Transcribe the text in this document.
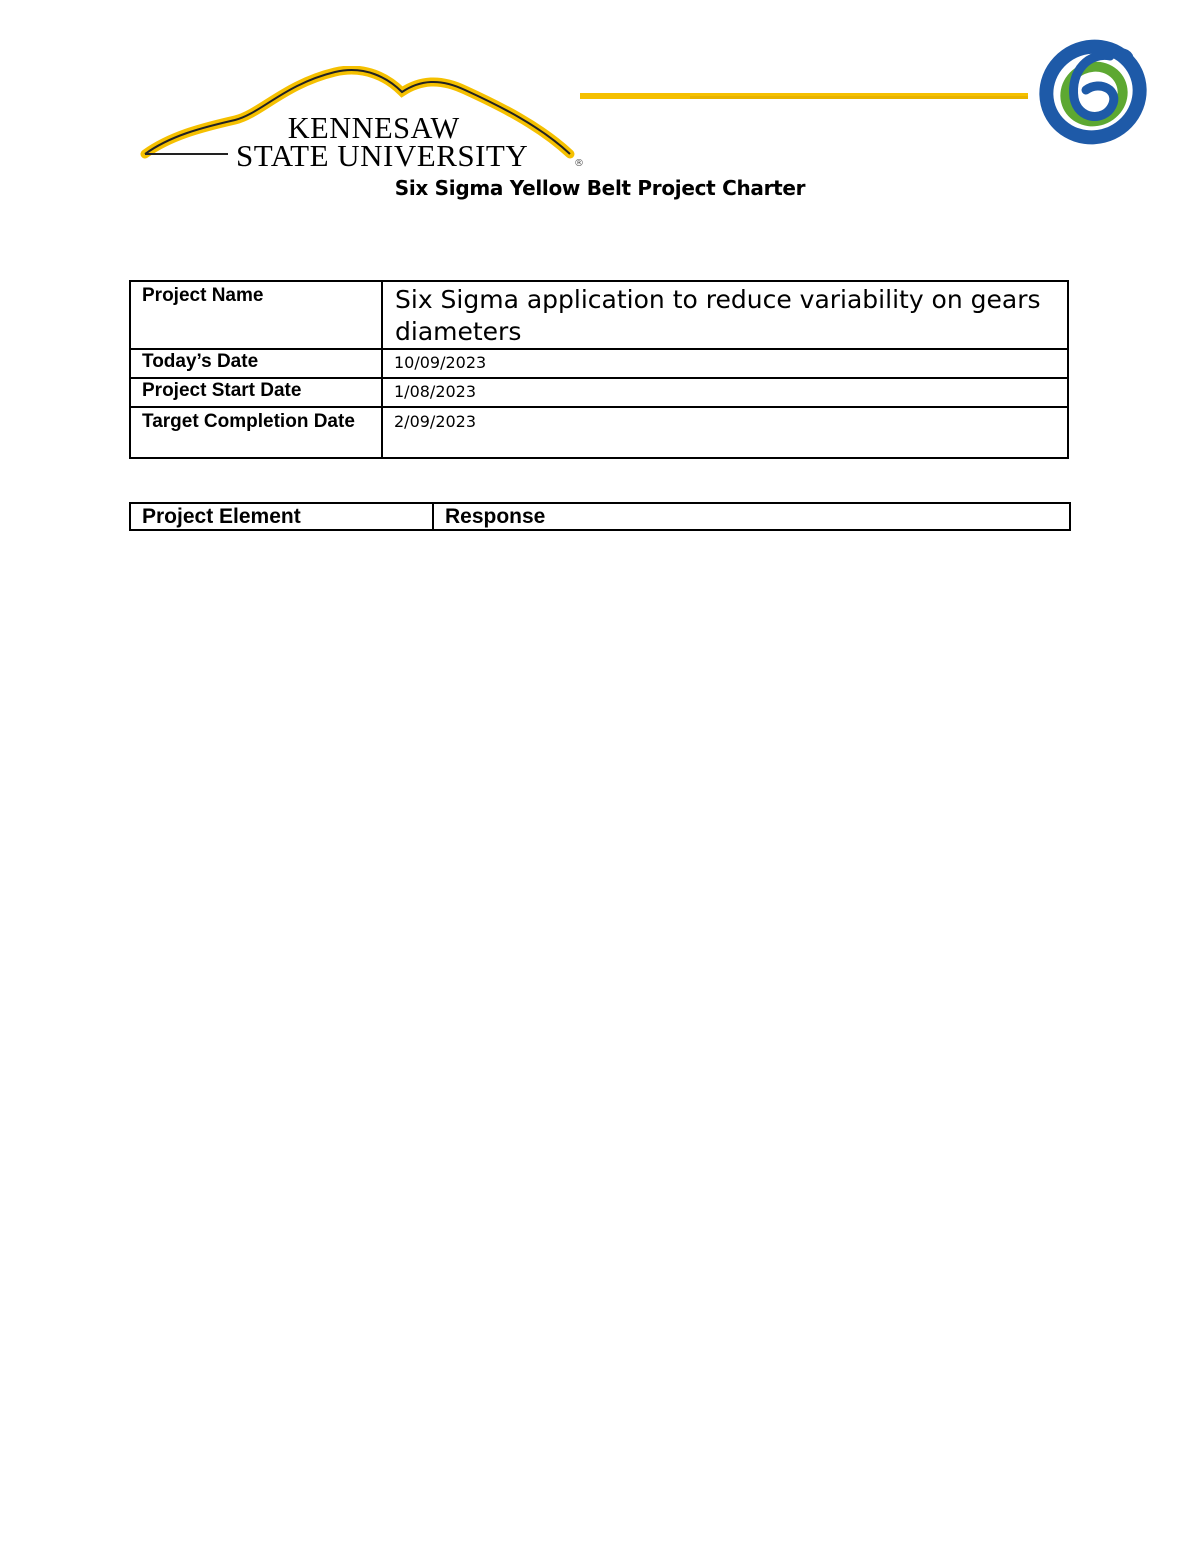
KENNESAW
STATE UNIVERSITY	®
Six Sigma Yellow Belt Project Charter
Project Name	Six Sigma application to reduce variability on gears diameters
Today’s Date	10/09/2023
Project Start Date	1/08/2023
Target Completion Date	2/09/2023
Project Element	Response
